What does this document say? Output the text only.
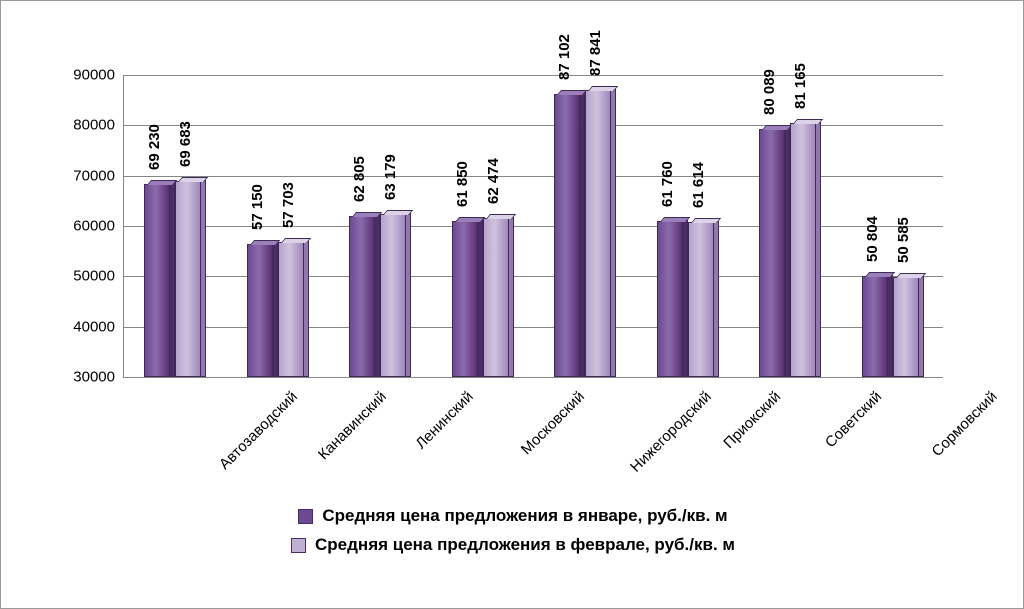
30000
40000
50000
60000
70000
80000
90000
69 230 69 683
57 150 57 703
62 805 63 179	61 850 62 474
87 102 87 841
61 760 61 614
80 089 81 165
50 804 50 585
Автозаводский Канавинский Ленинский	Московский	Нижегородский Приокский	Советский	Сормовский
Средняя цена предложения в январе, руб./кв. м
Средняя цена предложения в феврале, руб./кв. м
